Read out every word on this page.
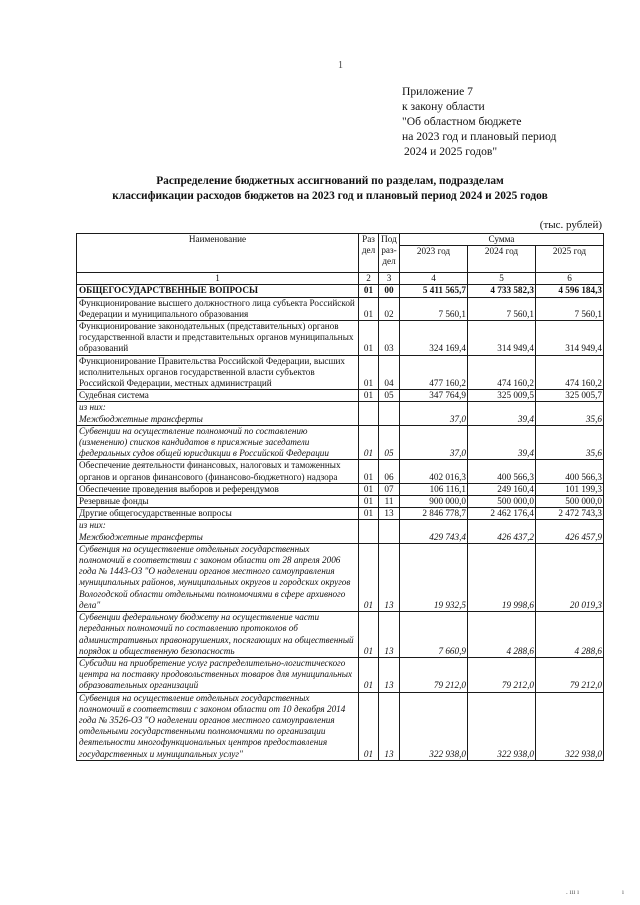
1
Приложение 7
к закону области
"Об областном бюджете
на 2023 год и плановый период
2024 и 2025 годов"
Распределение бюджетных ассигнований по разделам, подразделам
классификации расходов бюджетов на 2023 год и плановый период 2024 и 2025 годов
(тыс. рублей)
Наименование	Раз дел	Под раз- дел	Сумма		
			2023 год	2024 год	2025 год
1	2	3	4	5	6
ОБЩЕГОСУДАРСТВЕННЫЕ ВОПРОСЫ	01	00	5 411 565,7	4 733 582,3	4 596 184,3
Функционирование высшего должностного лица субъекта Российской Федерации и муниципального образования	01	02	7 560,1	7 560,1	7 560,1
Функционирование законодательных (представительных) органов государственной власти и представительных органов муниципальных образований	01	03	324 169,4	314 949,4	314 949,4
Функционирование Правительства Российской Федерации, высших исполнительных органов государственной власти субъектов Российской Федерации, местных администраций	01	04	477 160,2	474 160,2	474 160,2
Судебная система	01	05	347 764,9	325 009,5	325 005,7
из них:
Межбюджетные трансферты			37,0	39,4	35,6
Субвенции на осуществление полномочий по составлению (изменению) списков кандидатов в присяжные заседатели федеральных судов общей юрисдикции в Российской Федерации	01	05	37,0	39,4	35,6
Обеспечение деятельности финансовых, налоговых и таможенных органов и органов финансового (финансово-бюджетного) надзора	01	06	402 016,3	400 566,3	400 566,3
Обеспечение проведения выборов и референдумов	01	07	106 116,1	249 160,4	101 199,3
Резервные фонды	01	11	900 000,0	500 000,0	500 000,0
Другие общегосударственные вопросы	01	13	2 846 778,7	2 462 176,4	2 472 743,3
из них:
Межбюджетные трансферты			429 743,4	426 437,2	426 457,9
Субвенция на осуществление отдельных государственных полномочий в соответствии с законом области от 28 апреля 2006 года № 1443-ОЗ "О наделении органов местного самоуправления муниципальных районов, муниципальных округов и городских округов Вологодской области отдельными полномочиями в сфере архивного дела"	01	13	19 932,5	19 998,6	20 019,3
Субвенции федеральному бюджету на осуществление части переданных полномочий по составлению протоколов об административных правонарушениях, посягающих на общественный порядок и общественную безопасность	01	13	7 660,9	4 288,6	4 288,6
Субсидии на приобретение услуг распределительно-логистического центра на поставку продовольственных товаров для муниципальных образовательных организаций	01	13	79 212,0	79 212,0	79 212,0
Субвенция на осуществление отдельных государственных полномочий в соответствии с законом области от 10 декабря 2014 года № 3526-ОЗ "О наделении органов местного самоуправления отдельными государственными полномочиями по организации деятельности многофункциональных центров предоставления государственных и муниципальных услуг"	01	13	322 938,0	322 938,0	322 938,0
. ııı ı	ı
